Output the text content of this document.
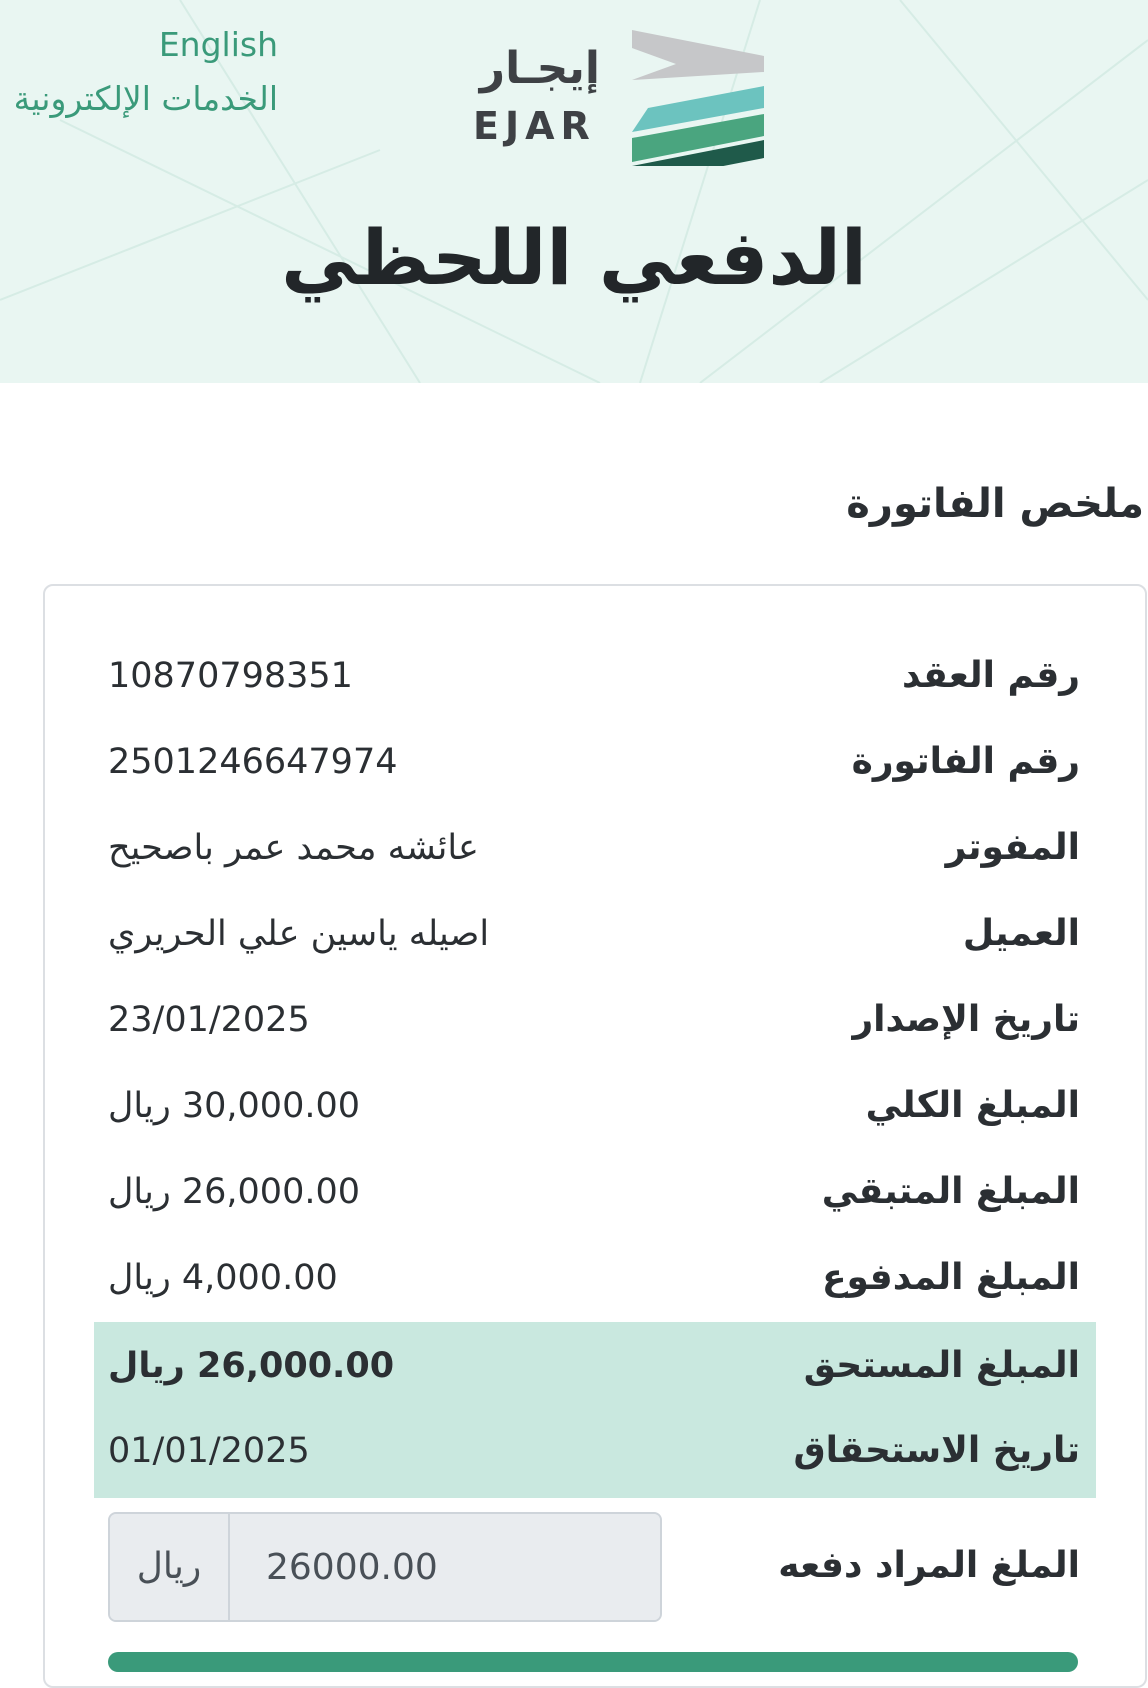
English
الخدمات الإلكترونية
إيجـار
EJAR
الدفعي اللحظي
ملخص الفاتورة
رقم العقد
10870798351
رقم الفاتورة
2501246647974
المفوتر
عائشه محمد عمر باصحيح
العميل
اصيله ياسين علي الحريري
تاريخ الإصدار
23/01/2025
المبلغ الكلي
30,000.00 ريال
المبلغ المتبقي
26,000.00 ريال
المبلغ المدفوع
4,000.00 ريال
المبلغ المستحق
26,000.00 ريال
تاريخ الاستحقاق
01/01/2025
الملغ المراد دفعه
ريال
26000.00
